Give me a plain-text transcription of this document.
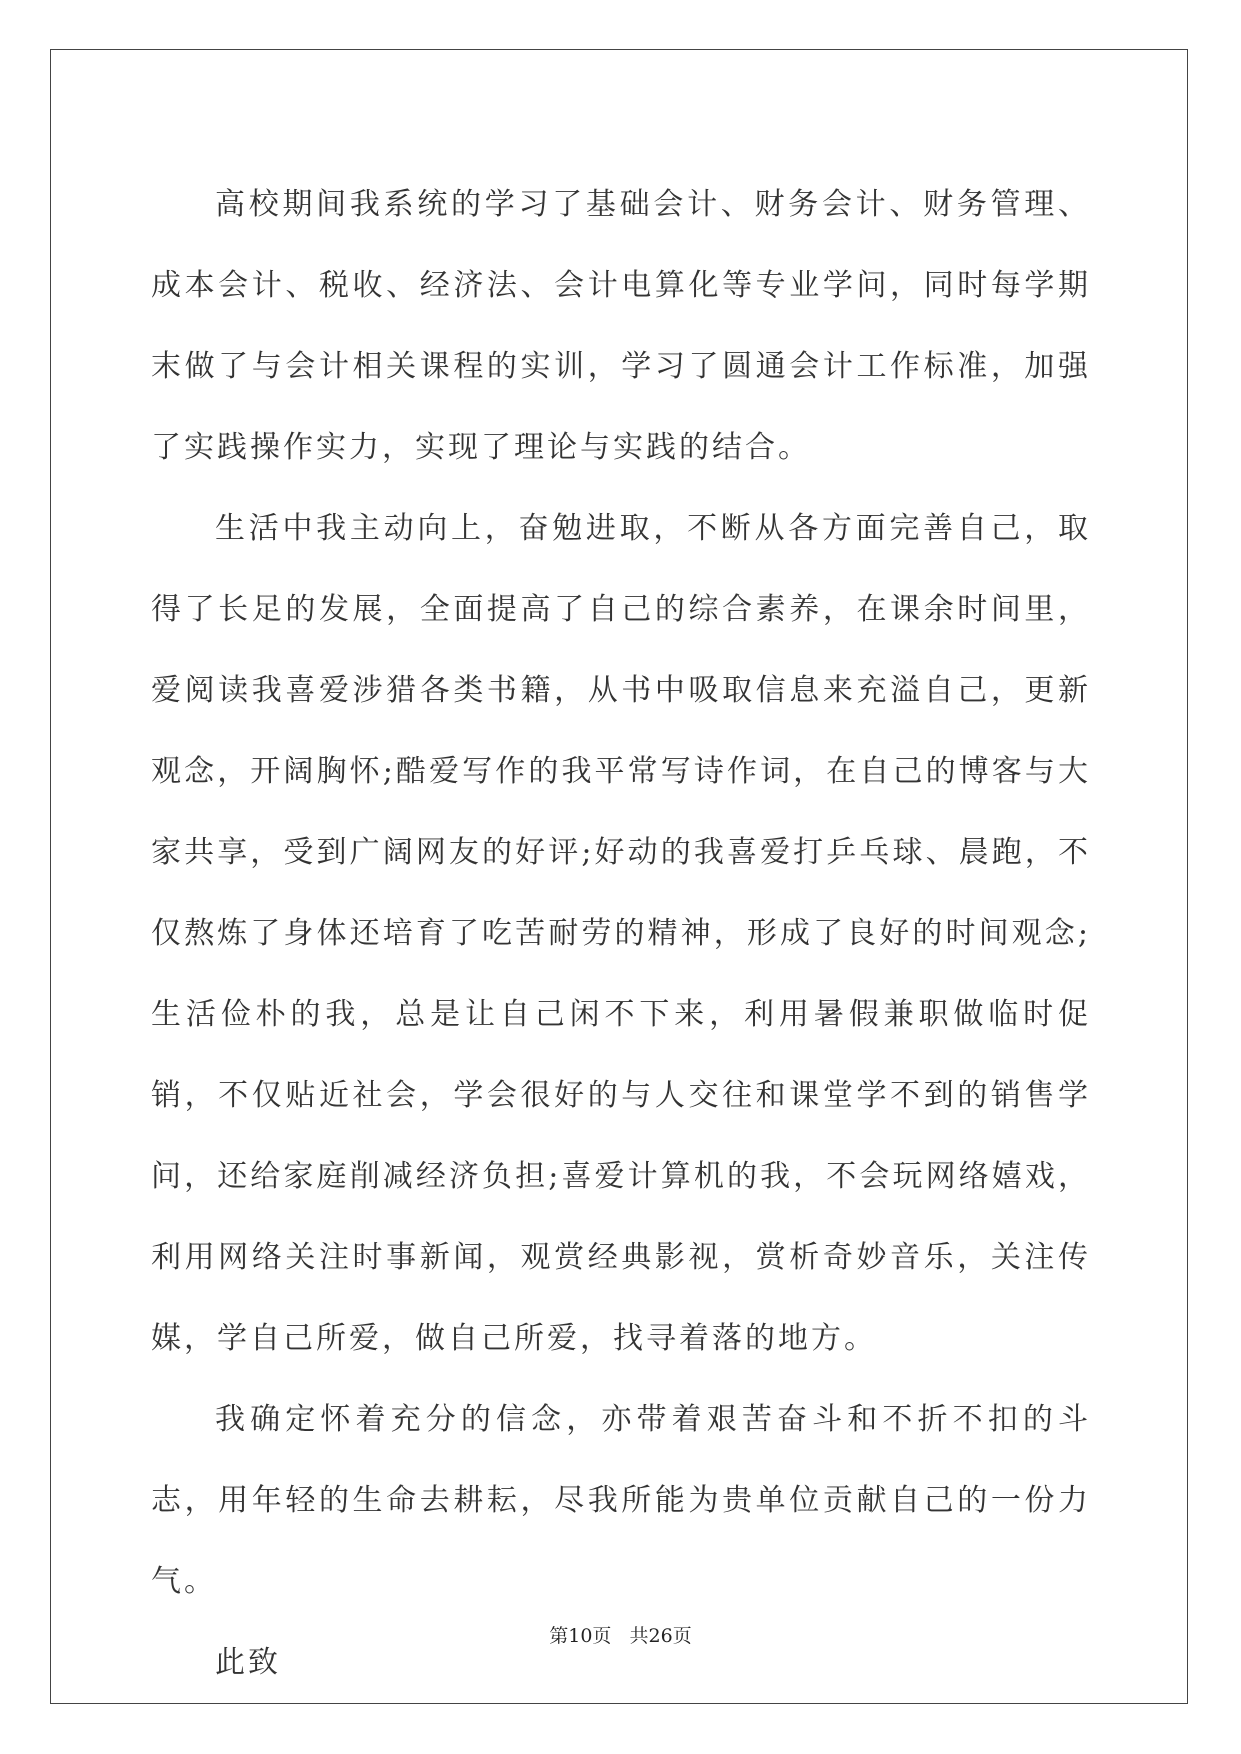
高校期间我系统的学习了基础会计、财务会计、财务管理、成本会计、税收、经济法、会计电算化等专业学问，同时每学期末做了与会计相关课程的实训，学习了圆通会计工作标准，加强了实践操作实力，实现了理论与实践的结合。

生活中我主动向上，奋勉进取，不断从各方面完善自己，取得了长足的发展，全面提高了自己的综合素养，在课余时间里，爱阅读我喜爱涉猎各类书籍，从书中吸取信息来充溢自己，更新观念，开阔胸怀;酷爱写作的我平常写诗作词，在自己的博客与大家共享，受到广阔网友的好评;好动的我喜爱打乒乓球、晨跑，不仅熬炼了身体还培育了吃苦耐劳的精神，形成了良好的时间观念;生活俭朴的我，总是让自己闲不下来，利用暑假兼职做临时促销，不仅贴近社会，学会很好的与人交往和课堂学不到的销售学问，还给家庭削减经济负担;喜爱计算机的我，不会玩网络嬉戏，利用网络关注时事新闻，观赏经典影视，赏析奇妙音乐，关注传媒，学自己所爱，做自己所爱，找寻着落的地方。

我确定怀着充分的信念，亦带着艰苦奋斗和不折不扣的斗志，用年轻的生命去耕耘，尽我所能为贵单位贡献自己的一份力气。

此致

第10页   共26页
